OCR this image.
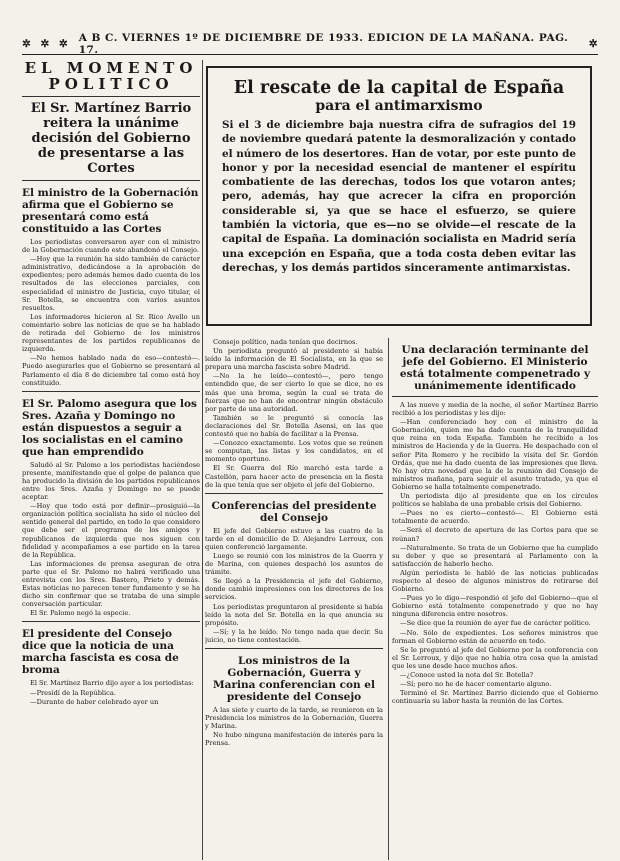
✲ ✲ ✲ A B C. VIERNES 1º DE DICIEMBRE DE 1933. EDICION DE LA MAÑANA. PAG. 17.	✲
EL MOMENTO
POLITICO
El Sr. Martínez Barrio reitera la unánime decisión del Gobierno de presentarse a las Cortes
El ministro de la Gobernación afirma que el Gobierno se presentará como está constituido a las Cortes

Los periodistas conversaron ayer con el ministro de la Gobernación cuando este abandonó el Consejo.

—Hoy que la reunión ha sido también de carácter administrativo, dedicándose a la aprobación de expedientes; pero además hemos dado cuenta de los resultados de las elecciones parciales, con especialidad el ministro de Justicia, cuyo titular, el Sr. Botella, se encuentra con varios asuntos resueltos.

Los informadores hicieron al Sr. Rico Avello un comentario sobre las noticias de que se ha hablado de retirada del Gobierno de los ministros representantes de los partidos republicanos de izquierda.

—No hemos hablado nada de eso—contestó—. Puedo asegurarles que el Gobierno se presentará al Parlamento el día 8 de diciembre tal como está hoy constituido.

El Sr. Palomo asegura que los Sres. Azaña y Domingo no están dispuestos a seguir a los socialistas en el camino que han emprendido

Saludó al Sr. Palomo a los periodistas haciéndose presente, manifestando que el golpe de palanca que ha producido la división de los partidos republicanos entre los Sres. Azaña y Domingo no se puede aceptar.

—Hoy que todo está por definir—prosiguió—la organización política socialista ha sido el núcleo del sentido general del partido, en todo lo que considero que debe ser el programa de los amigos y republicanos de izquierda que nos siguen con fidelidad y acompañamos a ese partido en la tarea de la República.

Las informaciones de prensa aseguran de otra parte que el Sr. Palomo no habrá verificado una entrevista con los Sres. Bastero, Prieto y demás. Estas noticias no parecen tener fundamento y se ha dicho sin confirmar que se trataba de una simple conversación particular.

El Sr. Palomo negó la especie.

El presidente del Consejo dice que la noticia de una marcha fascista es cosa de broma

El Sr. Martínez Barrio dijo ayer a los periodistas:

—Presidí de la República.

—Durante de haber celebrado ayer un

El rescate de la capital de España
para el antimarxismo
Si el 3 de diciembre baja nuestra cifra de sufragios del 19 de noviembre quedará patente la desmoralización y contado el número de los desertores. Han de votar, por este punto de honor y por la necesidad esencial de mantener el espíritu combatiente de las derechas, todos los que votaron antes; pero, además, hay que acrecer la cifra en proporción considerable si, ya que se hace el esfuerzo, se quiere también la victoria, que es—no se olvide—el rescate de la capital de España. La dominación socialista en Madrid sería una excepción en España, que a toda costa deben evitar las derechas, y los demás partidos sinceramente antimarxistas.

Consejo político, nada tenían que decirnos.

Un periodista preguntó al presidente si había leído la información de El Socialista, en la que se prepara una marcha fascista sobre Madrid.

—No la he leído—contestó—, pero tengo entendido que, de ser cierto lo que se dice, no es más que una broma, según la cual se trata de fuerzas que no han de encontrar ningún obstáculo por parte de una autoridad.

También se le preguntó si conocía las declaraciones del Sr. Botella Asensi, en las que contestó que no había de facilitar a la Prensa.

—Conozco exactamente. Los votos que se reúnen se computan, las listas y los candidatos, en el momento oportuno.

El Sr. Guerra del Río marchó esta tarde a Castellón, para hacer acto de presencia en la fiesta de la que tenía que ser objeto el jefe del Gobierno.

Conferencias del presidente del Consejo

El jefe del Gobierno estuvo a las cuatro de la tarde en el domicilio de D. Alejandro Lerroux, con quien conferenció largamente.

Luego se reunió con los ministros de la Guerra y de Marina, con quienes despachó los asuntos de trámite.

Se llegó a la Presidencia el jefe del Gobierno, donde cambió impresiones con los directores de los servicios.

Los periodistas preguntaron al presidente si había leído la nota del Sr. Botella en la que anuncia su propósito.

—Sí; y la he leído. No tengo nada que decir. Su juicio, no tiene contestación.

Los ministros de la Gobernación, Guerra y Marina conferencian con el presidente del Consejo

A las siete y cuarto de la tarde, se reunieron en la Presidencia los ministros de la Gobernación, Guerra y Marina.

No hubo ninguna manifestación de interés para la Prensa.

Una declaración terminante del jefe del Gobierno. El Ministerio está totalmente compenetrado y unánimemente identificado

A las nueve y media de la noche, el señor Martínez Barrio recibió a los periodistas y les dijo:

—Han conferenciado hoy con el ministro de la Gobernación, quien me ha dado cuenta de la tranquilidad que reina en toda España. También he recibido a los ministros de Hacienda y de la Guerra. He despachado con el señor Pita Romero y he recibido la visita del Sr. Gordón Ordás, que me ha dado cuenta de las impresiones que lleva. No hay otra novedad que la de la reunión del Consejo de ministros mañana, para seguir el asunto tratado, ya que el Gobierno se halla totalmente compenetrado.

Un periodista dijo al presidente que en los círculos políticos se hablaba de una probable crisis del Gobierno.

—Pues no es cierto—contestó—. El Gobierno está totalmente de acuerdo.

—Será el decreto de apertura de las Cortes para que se reúnan?

—Naturalmente. Se trata de un Gobierno que ha cumplido su deber y que se presentará al Parlamento con la satisfacción de haberlo hecho.

Algún periodista le habló de las noticias publicadas respecto al deseo de algunos ministros de retirarse del Gobierno.

—Pues yo le digo—respondió el jefe del Gobierno—que el Gobierno está totalmente compenetrado y que no hay ninguna diferencia entre nosotros.

—Se dice que la reunión de ayer fue de carácter político.

—No. Sólo de expedientes. Los señores ministros que forman el Gobierno están de acuerdo en todo.

Se le preguntó al jefe del Gobierno por la conferencia con el Sr. Lerroux, y dijo que no había otra cosa que la amistad que les une desde hace muchos años.

—¿Conoce usted la nota del Sr. Botella?

—Sí; pero no he de hacer comentario alguno.

Terminó el Sr. Martínez Barrio diciendo que el Gobierno continuaría su labor hasta la reunión de las Cortes.
